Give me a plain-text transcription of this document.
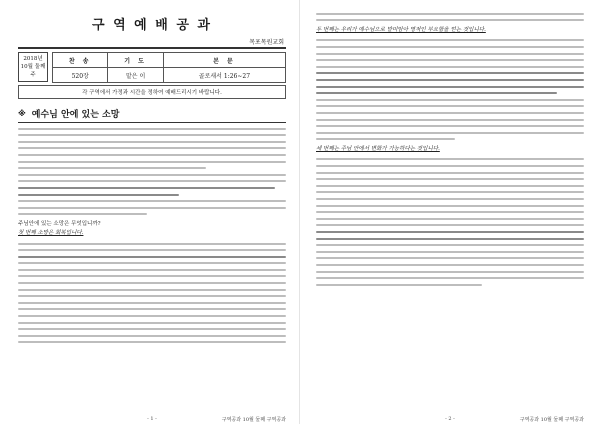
구 역 예 배 공 과
목포목원교회
2018년
10월 둘째주
찬 송	기 도	본 문
520장	맡은 이	골로새서 1:26~27
각 구역에서 가정과 시간을 정하여 예배드리시기 바랍니다.
※ 예수님 안에 있는 소망
주님안에 있는 소망은 무엇입니까?
첫 번째 소망은 회복입니다.
- 1 -	구역공과 10월 둘째 구역공과
두 번째는 우리가 예수님으로 말미암아 영적인 부요함을 얻는 것입니다.
세 번째는 주님 안에서 변화가 가능하다는 것입니다.
- 2 -	구역공과 10월 둘째 구역공과
